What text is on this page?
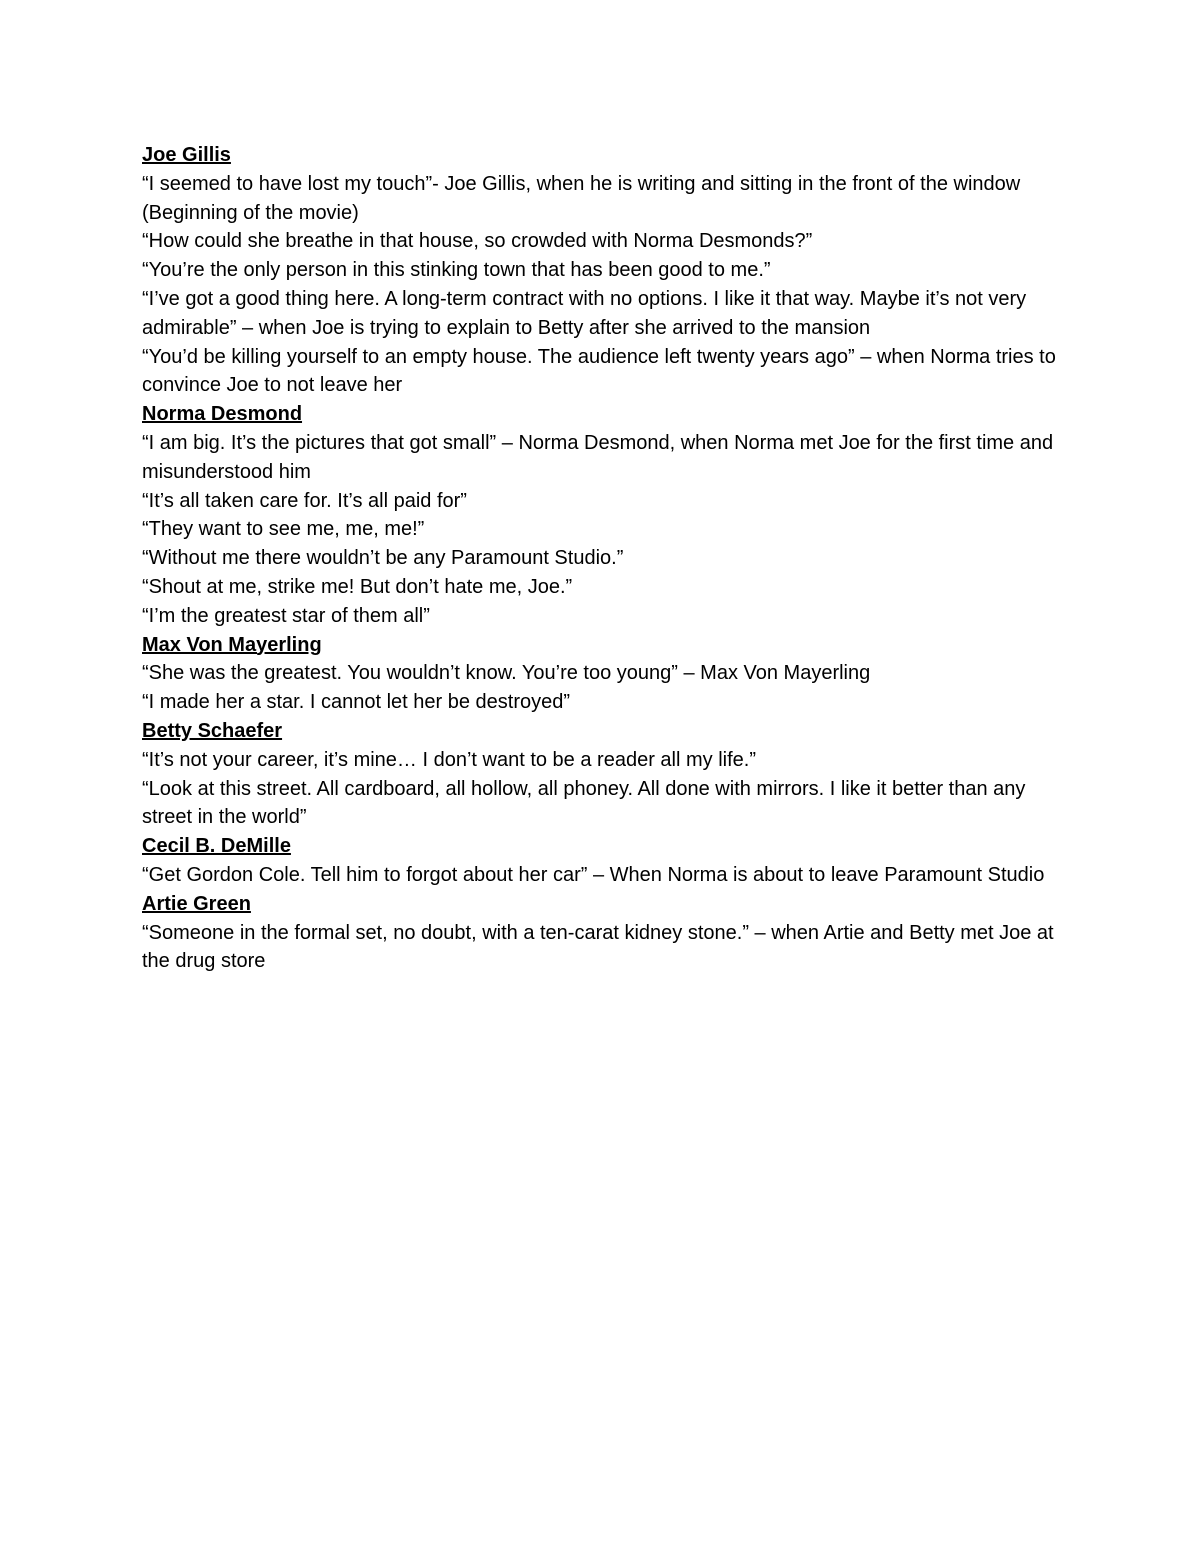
Joe Gillis

“I seemed to have lost my touch”- Joe Gillis, when he is writing and sitting in the front of the window (Beginning of the movie)

“How could she breathe in that house, so crowded with Norma Desmonds?”

“You’re the only person in this stinking town that has been good to me.”

“I’ve got a good thing here. A long-term contract with no options. I like it that way. Maybe it’s not very admirable” – when Joe is trying to explain to Betty after she arrived to the mansion

“You’d be killing yourself to an empty house. The audience left twenty years ago” – when Norma tries to convince Joe to not leave her

Norma Desmond

“I am big. It’s the pictures that got small” – Norma Desmond, when Norma met Joe for the first time and misunderstood him

“It’s all taken care for. It’s all paid for”

“They want to see me, me, me!”

“Without me there wouldn’t be any Paramount Studio.”

“Shout at me, strike me! But don’t hate me, Joe.”

“I’m the greatest star of them all”

Max Von Mayerling

“She was the greatest. You wouldn’t know. You’re too young” – Max Von Mayerling

“I made her a star. I cannot let her be destroyed”

Betty Schaefer

“It’s not your career, it’s mine… I don’t want to be a reader all my life.”

“Look at this street. All cardboard, all hollow, all phoney. All done with mirrors. I like it better than any street in the world”

Cecil B. DeMille

“Get Gordon Cole. Tell him to forgot about her car” – When Norma is about to leave Paramount Studio

Artie Green

“Someone in the formal set, no doubt, with a ten-carat kidney stone.” – when Artie and Betty met Joe at the drug store
